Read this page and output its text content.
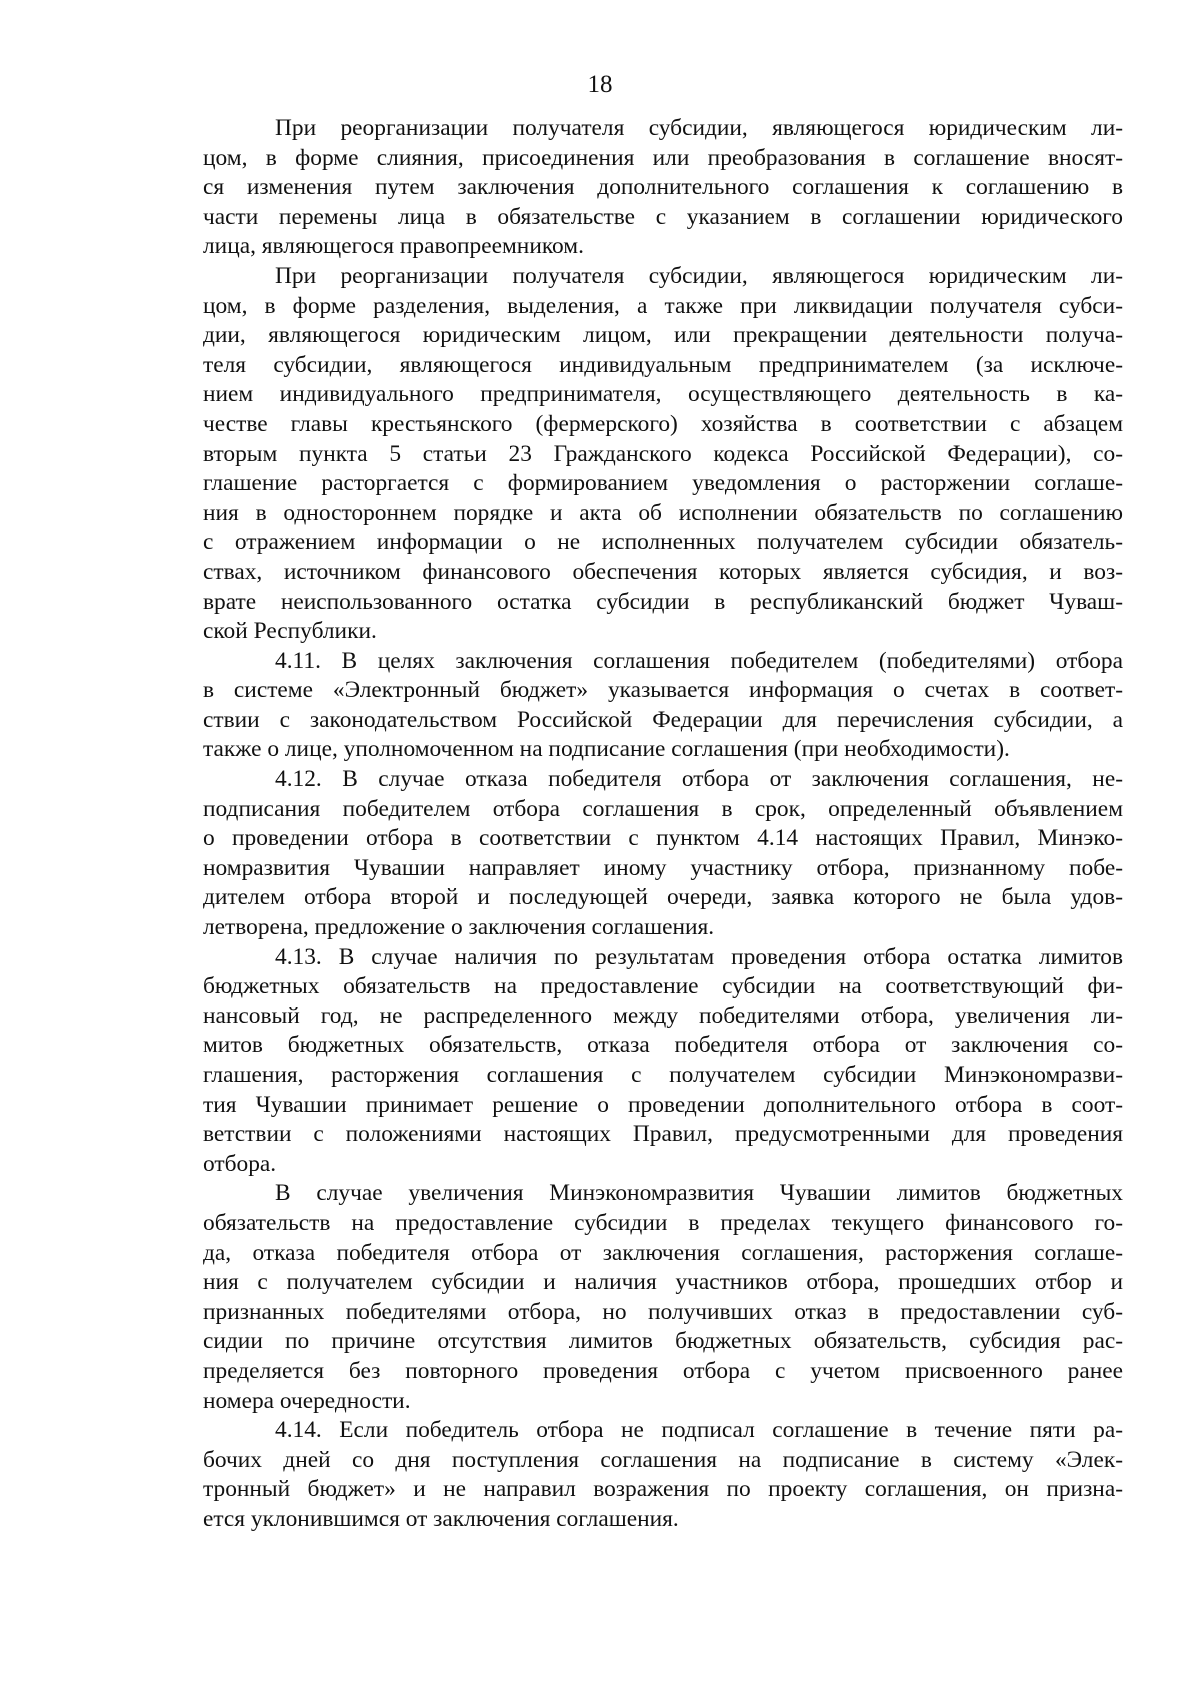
18
При реорганизации получателя субсидии, являющегося юридическим ли-
цом, в форме слияния, присоединения или преобразования в соглашение вносят-
ся изменения путем заключения дополнительного соглашения к соглашению в
части перемены лица в обязательстве с указанием в соглашении юридического
лица, являющегося правопреемником.
При реорганизации получателя субсидии, являющегося юридическим ли-
цом, в форме разделения, выделения, а также при ликвидации получателя субси-
дии, являющегося юридическим лицом, или прекращении деятельности получа-
теля субсидии, являющегося индивидуальным предпринимателем (за исключе-
нием индивидуального предпринимателя, осуществляющего деятельность в ка-
честве главы крестьянского (фермерского) хозяйства в соответствии с абзацем
вторым пункта 5 статьи 23 Гражданского кодекса Российской Федерации), со-
глашение расторгается с формированием уведомления о расторжении соглаше-
ния в одностороннем порядке и акта об исполнении обязательств по соглашению
с отражением информации о не исполненных получателем субсидии обязатель-
ствах, источником финансового обеспечения которых является субсидия, и воз-
врате неиспользованного остатка субсидии в республиканский бюджет Чуваш-
ской Республики.
4.11. В целях заключения соглашения победителем (победителями) отбора
в системе «Электронный бюджет» указывается информация о счетах в соответ-
ствии с законодательством Российской Федерации для перечисления субсидии, а
также о лице, уполномоченном на подписание соглашения (при необходимости).
4.12. В случае отказа победителя отбора от заключения соглашения, не-
подписания победителем отбора соглашения в срок, определенный объявлением
о проведении отбора в соответствии с пунктом 4.14 настоящих Правил, Минэко-
номразвития Чувашии направляет иному участнику отбора, признанному побе-
дителем отбора второй и последующей очереди, заявка которого не была удов-
летворена, предложение о заключения соглашения.
4.13. В случае наличия по результатам проведения отбора остатка лимитов
бюджетных обязательств на предоставление субсидии на соответствующий фи-
нансовый год, не распределенного между победителями отбора, увеличения ли-
митов бюджетных обязательств, отказа победителя отбора от заключения со-
глашения, расторжения соглашения с получателем субсидии Минэкономразви-
тия Чувашии принимает решение о проведении дополнительного отбора в соот-
ветствии с положениями настоящих Правил, предусмотренными для проведения
отбора.
В случае увеличения Минэкономразвития Чувашии лимитов бюджетных
обязательств на предоставление субсидии в пределах текущего финансового го-
да, отказа победителя отбора от заключения соглашения, расторжения соглаше-
ния с получателем субсидии и наличия участников отбора, прошедших отбор и
признанных победителями отбора, но получивших отказ в предоставлении суб-
сидии по причине отсутствия лимитов бюджетных обязательств, субсидия рас-
пределяется без повторного проведения отбора с учетом присвоенного ранее
номера очередности.
4.14. Если победитель отбора не подписал соглашение в течение пяти ра-
бочих дней со дня поступления соглашения на подписание в систему «Элек-
тронный бюджет» и не направил возражения по проекту соглашения, он призна-
ется уклонившимся от заключения соглашения.
